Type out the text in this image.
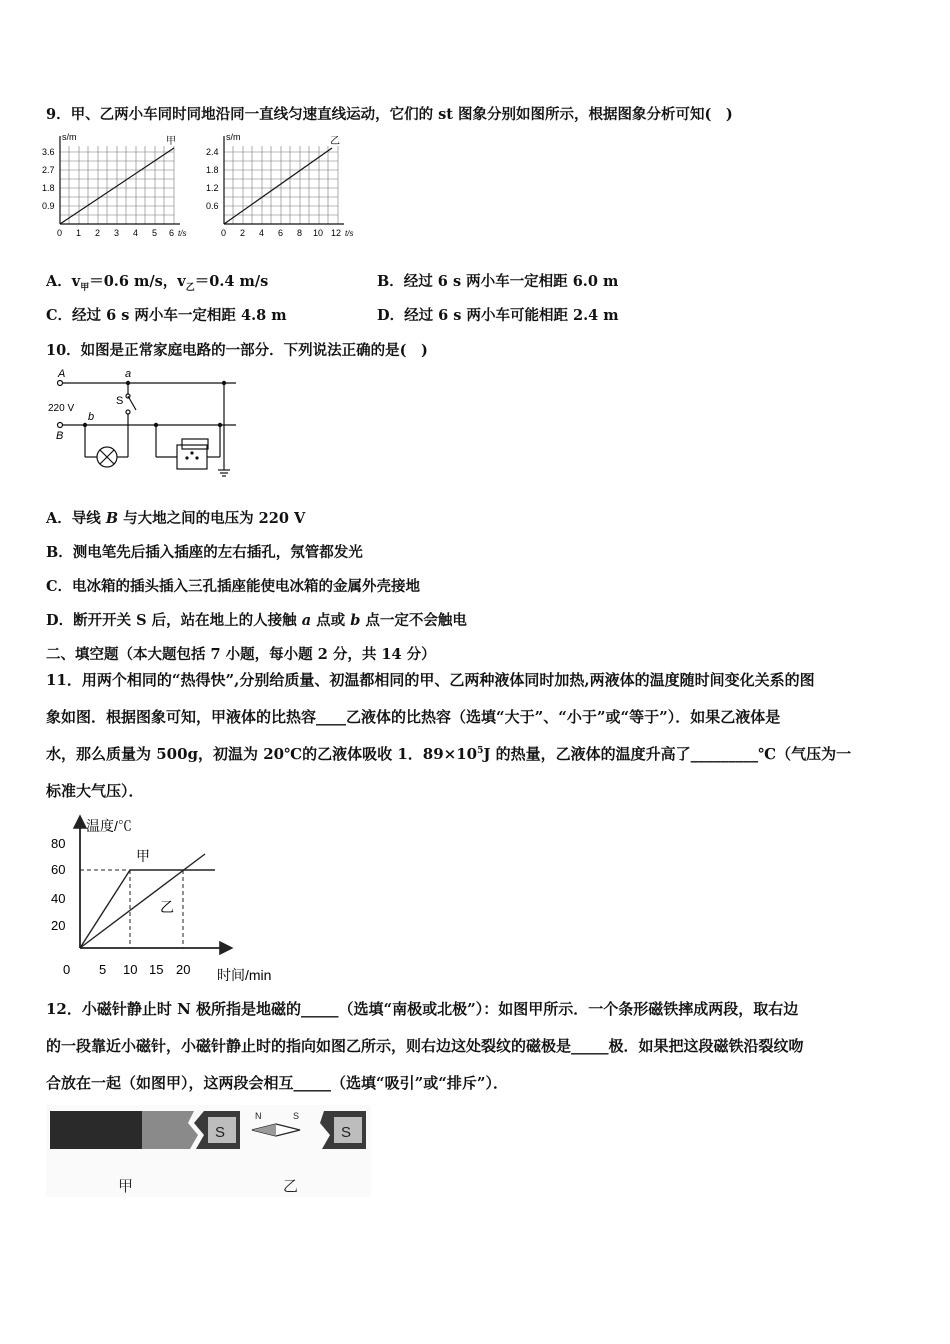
9．甲、乙两小车同时同地沿同一直线匀速直线运动，它们的 st 图象分别如图所示，根据图象分析可知(　)
s/m	甲
3.6
2.7
1.8
0.9
0 1 2 3 4 5 6 t/s
s/m	乙
2.4
1.8
1.2
0.6
0 2 4 6 8 10 12 t/s
A．$v_甲=0.6$ m/s，$v_乙=0.4$ m/s	B．经过 6 s 两小车一定相距 6.0 m
C．经过 6 s 两小车一定相距 4.8 m	D．经过 6 s 两小车可能相距 2.4 m
10．如图是正常家庭电路的一部分．下列说法正确的是(　)
A
220 V
B
a
b
S
A．导线 B 与大地之间的电压为 220 V
B．测电笔先后插入插座的左右插孔，氖管都发光
C．电冰箱的插头插入三孔插座能使电冰箱的金属外壳接地
D．断开开关 S 后，站在地上的人接触 a 点或 b 点一定不会触电
二、填空题（本大题包括 7 小题，每小题 2 分，共 14 分）
11．用两个相同的“热得快”,分别给质量、初温都相同的甲、乙两种液体同时加热,两液体的温度随时间变化关系的图
象如图．根据图象可知，甲液体的比热容____乙液体的比热容（选填“大于”、“小于”或“等于”）．如果乙液体是
水，那么质量为 500g，初温为 20℃的乙液体吸收 1．$89\times 10^5J$ 的热量，乙液体的温度升高了_________℃（气压为一
标准大气压）．
温度/℃
80
60
40
20
甲
乙
0 5 10 15 20 时间/min
12．小磁针静止时 N 极所指是地磁的_____（选填“南极或北极”）：如图甲所示．一个条形磁铁摔成两段，取右边
的一段靠近小磁针，小磁针静止时的指向如图乙所示，则右边这处裂纹的磁极是_____极．如果把这段磁铁沿裂纹吻
合放在一起（如图甲），这两段会相互_____（选填“吸引”或“排斥”）．
S
N	S
S
甲	乙
